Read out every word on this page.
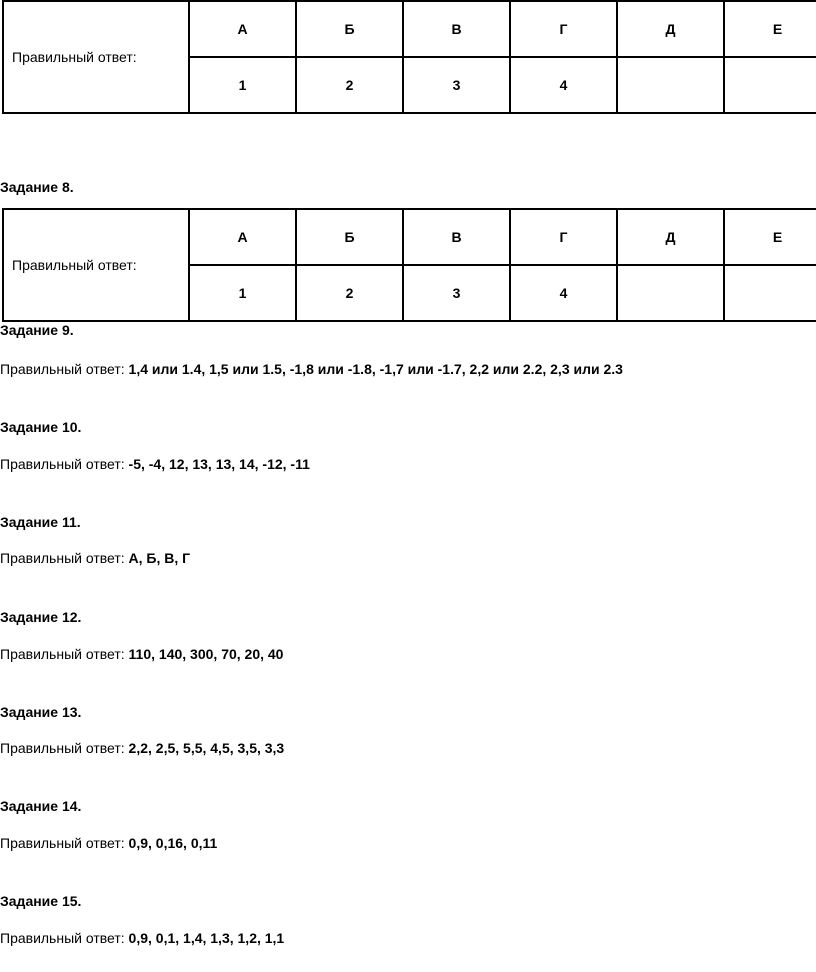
Правильный ответ:	А	Б	В	Г	Д	Е
	1	2	3	4		

Задание 8.

Правильный ответ:	А	Б	В	Г	Д	Е
	1	2	3	4		

Задание 9.

Правильный ответ: 1,4 или 1.4, 1,5 или 1.5, -1,8 или -1.8, -1,7 или -1.7, 2,2 или 2.2, 2,3 или 2.3

Задание 10.

Правильный ответ: -5, -4, 12, 13, 13, 14, -12, -11

Задание 11.

Правильный ответ: А, Б, В, Г

Задание 12.

Правильный ответ: 110, 140, 300, 70, 20, 40

Задание 13.

Правильный ответ: 2,2, 2,5, 5,5, 4,5, 3,5, 3,3

Задание 14.

Правильный ответ: 0,9, 0,16, 0,11

Задание 15.

Правильный ответ: 0,9, 0,1, 1,4, 1,3, 1,2, 1,1
